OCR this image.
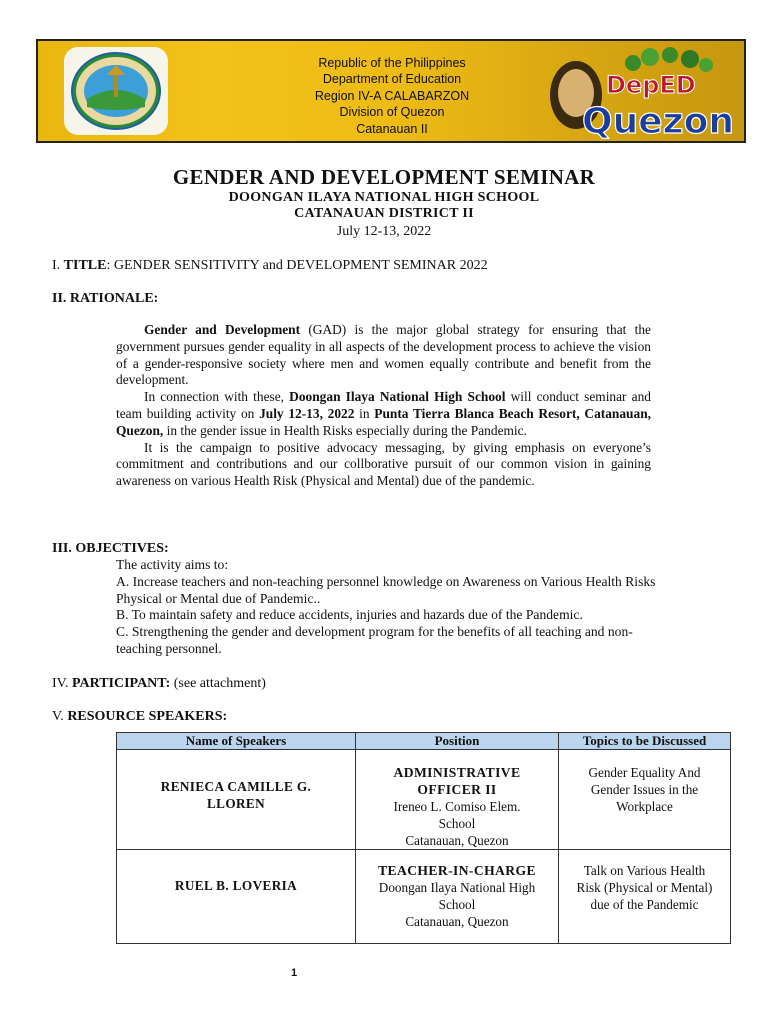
Republic of the Philippines
Department of Education
Region IV-A CALABARZON
Division of Quezon
Catanauan II
DepED
Quezon
GENDER AND DEVELOPMENT SEMINAR
DOONGAN ILAYA NATIONAL HIGH SCHOOL
CATANAUAN DISTRICT II
July 12-13, 2022
I. TITLE: GENDER SENSITIVITY and DEVELOPMENT SEMINAR 2022
II. RATIONALE:

Gender and Development (GAD) is the major global strategy for ensuring that the government pursues gender equality in all aspects of the development process to achieve the vision of a gender-responsive society where men and women equally contribute and benefit from the development.

In connection with these, Doongan Ilaya National High School will conduct seminar and team building activity on July 12-13, 2022 in Punta Tierra Blanca Beach Resort, Catanauan, Quezon, in the gender issue in Health Risks especially during the Pandemic.

It is the campaign to positive advocacy messaging, by giving emphasis on everyone’s commitment and contributions and our collborative pursuit of our common vision in gaining awareness on various Health Risk (Physical and Mental) due of the pandemic.

III. OBJECTIVES:
The activity aims to:
A. Increase teachers and non-teaching personnel knowledge on Awareness on Various Health Risks Physical or Mental due of Pandemic..
B. To maintain safety and reduce accidents, injuries and hazards due of the Pandemic.
C. Strengthening the gender and development program for the benefits of all teaching and non-teaching personnel.
IV. PARTICIPANT: (see attachment)
V. RESOURCE SPEAKERS:
Name of Speakers	Position	Topics to be Discussed

RENIECA CAMILLE G. LLOREN	ADMINISTRATIVE OFFICER II
Ireneo L. Comiso Elem. School
Catanauan, Quezon	Gender Equality And Gender Issues in the Workplace

RUEL B. LOVERIA	TEACHER-IN-CHARGE
Doongan Ilaya National High School
Catanauan, Quezon	Talk on Various Health Risk (Physical or Mental) due of the Pandemic
1
